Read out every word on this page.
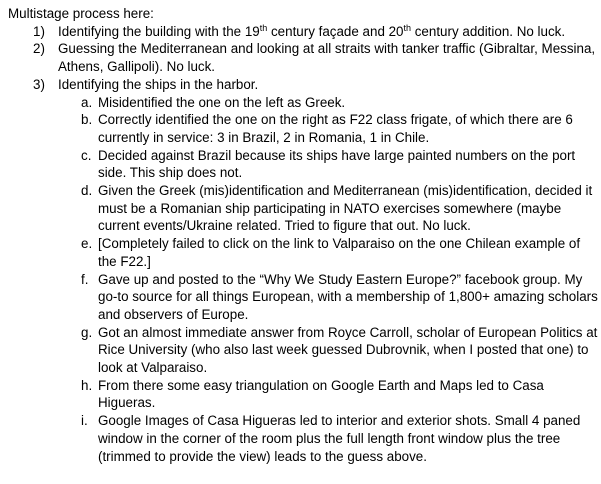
Multistage process here:

1) Identifying the building with the 19th century façade and 20th century addition. No luck.
2) Guessing the Mediterranean and looking at all straits with tanker traffic (Gibraltar, Messina, Athens, Gallipoli). No luck.
3) Identifying the ships in the harbor.
a. Misidentified the one on the left as Greek.
b. Correctly identified the one on the right as F22 class frigate, of which there are 6 currently in service: 3 in Brazil, 2 in Romania, 1 in Chile.
c. Decided against Brazil because its ships have large painted numbers on the port side. This ship does not.
d. Given the Greek (mis)identification and Mediterranean (mis)identification, decided it must be a Romanian ship participating in NATO exercises somewhere (maybe current events/Ukraine related. Tried to figure that out. No luck.
e. [Completely failed to click on the link to Valparaiso on the one Chilean example of the F22.]
f. Gave up and posted to the “Why We Study Eastern Europe?” facebook group. My go-to source for all things European, with a membership of 1,800+ amazing scholars and observers of Europe.
g. Got an almost immediate answer from Royce Carroll, scholar of European Politics at Rice University (who also last week guessed Dubrovnik, when I posted that one) to look at Valparaiso.
h. From there some easy triangulation on Google Earth and Maps led to Casa Higueras.
i. Google Images of Casa Higueras led to interior and exterior shots. Small 4 paned window in the corner of the room plus the full length front window plus the tree (trimmed to provide the view) leads to the guess above.
